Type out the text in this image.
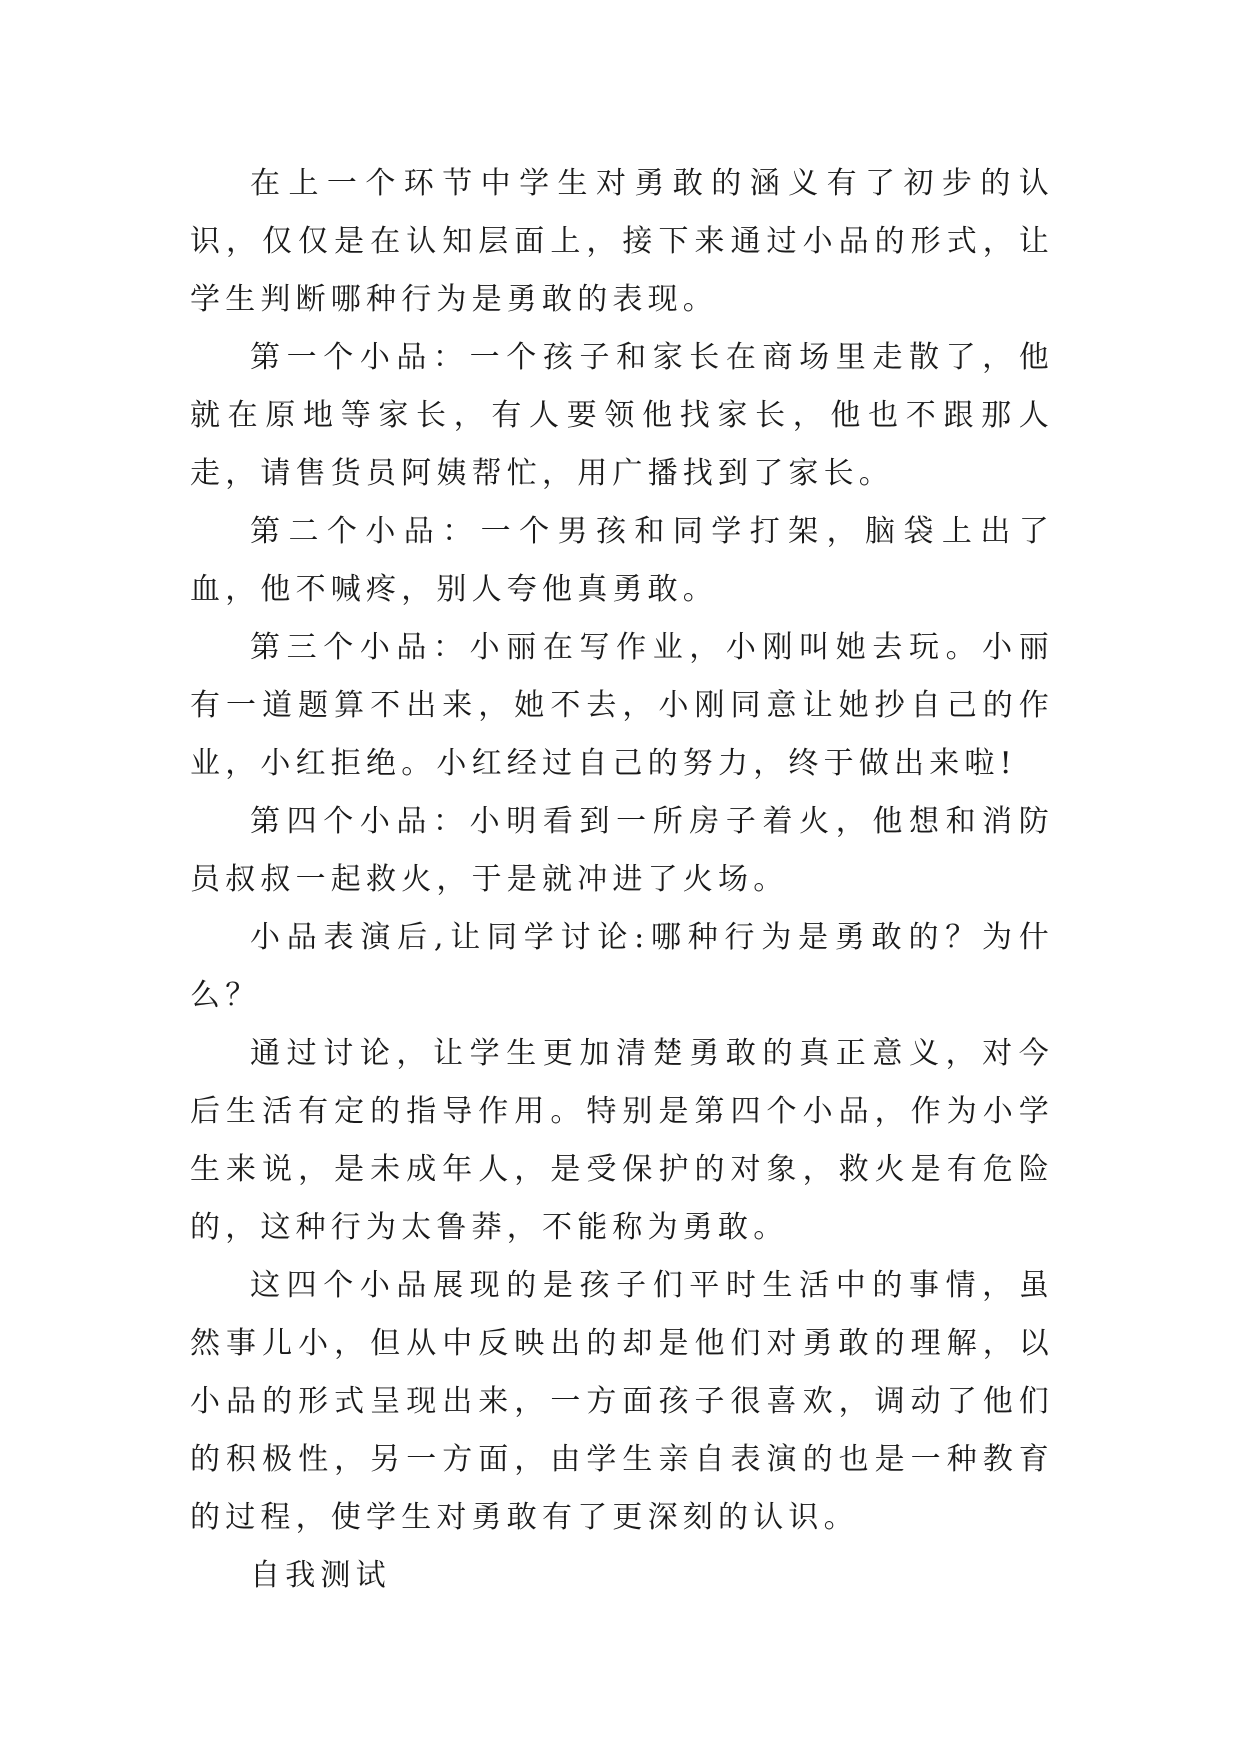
在上一个环节中学生对勇敢的涵义有了初步的认识，仅仅是在认知层面上，接下来通过小品的形式，让学生判断哪种行为是勇敢的表现。

第一个小品：一个孩子和家长在商场里走散了，他就在原地等家长，有人要领他找家长，他也不跟那人走，请售货员阿姨帮忙，用广播找到了家长。

第二个小品：一个男孩和同学打架，脑袋上出了血，他不喊疼，别人夸他真勇敢。

第三个小品：小丽在写作业，小刚叫她去玩。小丽有一道题算不出来，她不去，小刚同意让她抄自己的作业，小红拒绝。小红经过自己的努力，终于做出来啦!

第四个小品：小明看到一所房子着火，他想和消防员叔叔一起救火，于是就冲进了火场。

小品表演后,让同学讨论:哪种行为是勇敢的？为什么？

通过讨论，让学生更加清楚勇敢的真正意义，对今后生活有定的指导作用。特别是第四个小品，作为小学生来说，是未成年人，是受保护的对象，救火是有危险的，这种行为太鲁莽，不能称为勇敢。

这四个小品展现的是孩子们平时生活中的事情，虽然事儿小，但从中反映出的却是他们对勇敢的理解，以小品的形式呈现出来，一方面孩子很喜欢，调动了他们的积极性，另一方面，由学生亲自表演的也是一种教育的过程，使学生对勇敢有了更深刻的认识。

自我测试
